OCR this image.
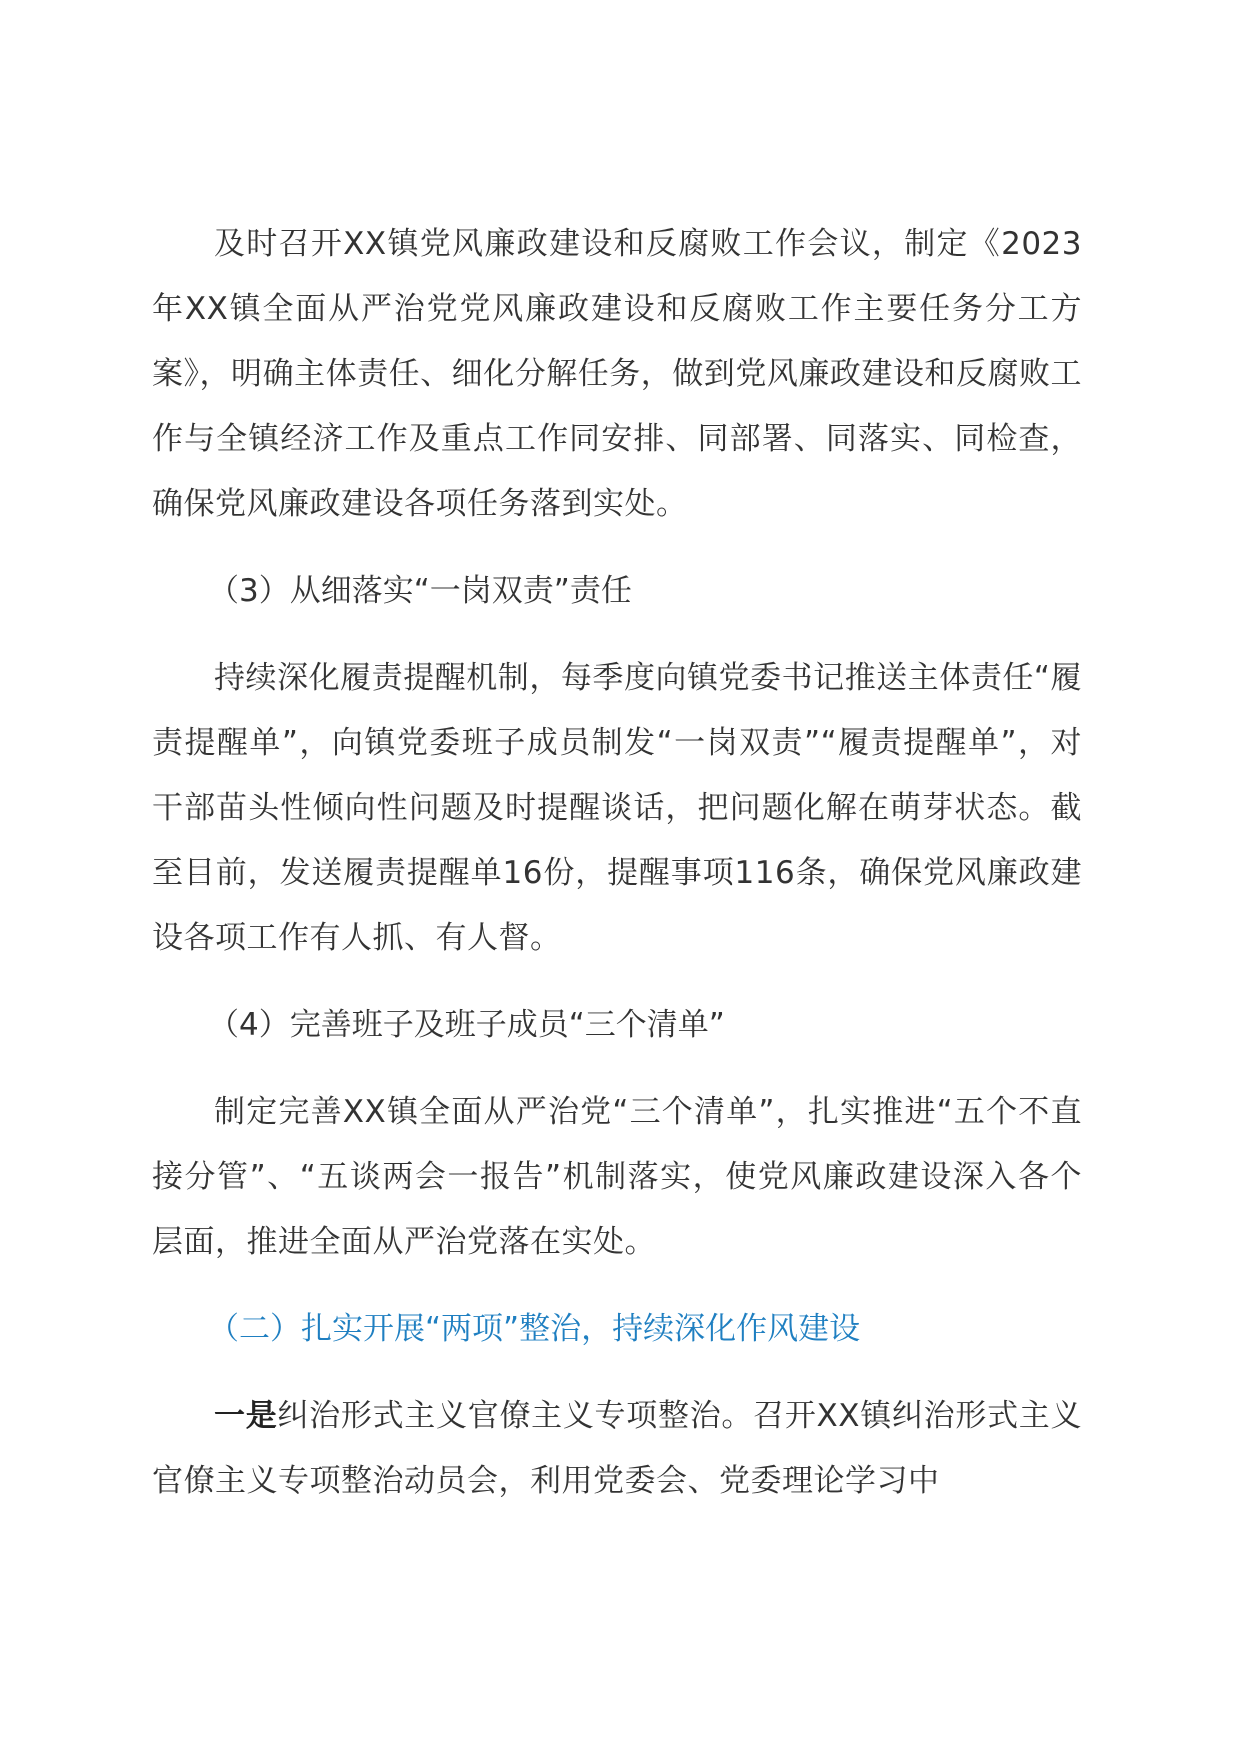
及时召开XX镇党风廉政建设和反腐败工作会议，制定《2023年XX镇全面从严治党党风廉政建设和反腐败工作主要任务分工方案》，明确主体责任、细化分解任务，做到党风廉政建设和反腐败工作与全镇经济工作及重点工作同安排、同部署、同落实、同检查，确保党风廉政建设各项任务落到实处。

（3）从细落实“一岗双责”责任

持续深化履责提醒机制，每季度向镇党委书记推送主体责任“履责提醒单”，向镇党委班子成员制发“一岗双责”“履责提醒单”，对干部苗头性倾向性问题及时提醒谈话，把问题化解在萌芽状态。截至目前，发送履责提醒单16份，提醒事项116条，确保党风廉政建设各项工作有人抓、有人督。

（4）完善班子及班子成员“三个清单”

制定完善XX镇全面从严治党“三个清单”，扎实推进“五个不直接分管”、“五谈两会一报告”机制落实，使党风廉政建设深入各个层面，推进全面从严治党落在实处。

（二）扎实开展“两项”整治，持续深化作风建设

一是纠治形式主义官僚主义专项整治。召开XX镇纠治形式主义官僚主义专项整治动员会，利用党委会、党委理论学习中
